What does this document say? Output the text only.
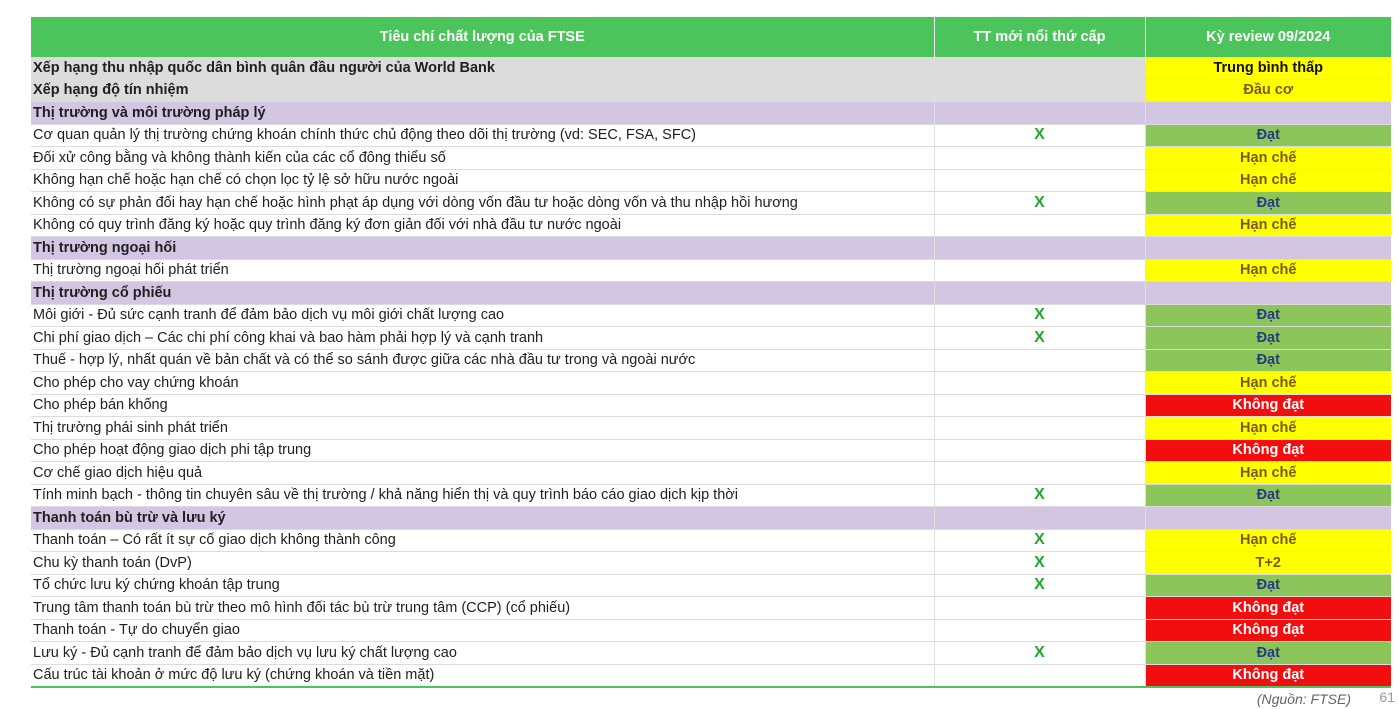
Tiêu chí chất lượng của FTSE	TT mới nổi thứ cấp	Kỳ review 09/2024
Xếp hạng thu nhập quốc dân bình quân đầu người của World Bank		Trung bình thấp
Xếp hạng độ tín nhiệm		Đầu cơ
Thị trường và môi trường pháp lý		
Cơ quan quản lý thị trường chứng khoán chính thức chủ động theo dõi thị trường (vd: SEC, FSA, SFC)	X	Đạt
Đối xử công bằng và không thành kiến của các cổ đông thiểu số		Hạn chế
Không hạn chế hoặc hạn chế có chọn lọc tỷ lệ sở hữu nước ngoài		Hạn chế
Không có sự phản đối hay hạn chế hoặc hình phạt áp dụng với dòng vốn đầu tư hoặc dòng vốn và thu nhập hồi hương	X	Đạt
Không có quy trình đăng ký hoặc quy trình đăng ký đơn giản đối với nhà đầu tư nước ngoài		Hạn chế
Thị trường ngoại hối		
Thị trường ngoại hối phát triển		Hạn chế
Thị trường cổ phiếu		
Môi giới - Đủ sức cạnh tranh để đảm bảo dịch vụ môi giới chất lượng cao	X	Đạt
Chi phí giao dịch – Các chi phí công khai và bao hàm phải hợp lý và cạnh tranh	X	Đạt
Thuế - hợp lý, nhất quán về bản chất và có thể so sánh được giữa các nhà đầu tư trong và ngoài nước		Đạt
Cho phép cho vay chứng khoán		Hạn chế
Cho phép bán khống		Không đạt
Thị trường phái sinh phát triển		Hạn chế
Cho phép hoạt động giao dịch phi tập trung		Không đạt
Cơ chế giao dịch hiệu quả		Hạn chế
Tính minh bạch - thông tin chuyên sâu về thị trường / khả năng hiển thị và quy trình báo cáo giao dịch kịp thời	X	Đạt
Thanh toán bù trừ và lưu ký		
Thanh toán – Có rất ít sự cố giao dịch không thành công	X	Hạn chế
Chu kỳ thanh toán (DvP)	X	T+2
Tổ chức lưu ký chứng khoán tập trung	X	Đạt
Trung tâm thanh toán bù trừ theo mô hình đối tác bù trừ trung tâm (CCP) (cổ phiếu)		Không đạt
Thanh toán - Tự do chuyển giao		Không đạt
Lưu ký - Đủ cạnh tranh để đảm bảo dịch vụ lưu ký chất lượng cao	X	Đạt
Cấu trúc tài khoản ở mức độ lưu ký (chứng khoán và tiền mặt)		Không đạt
(Nguồn: FTSE) 61
